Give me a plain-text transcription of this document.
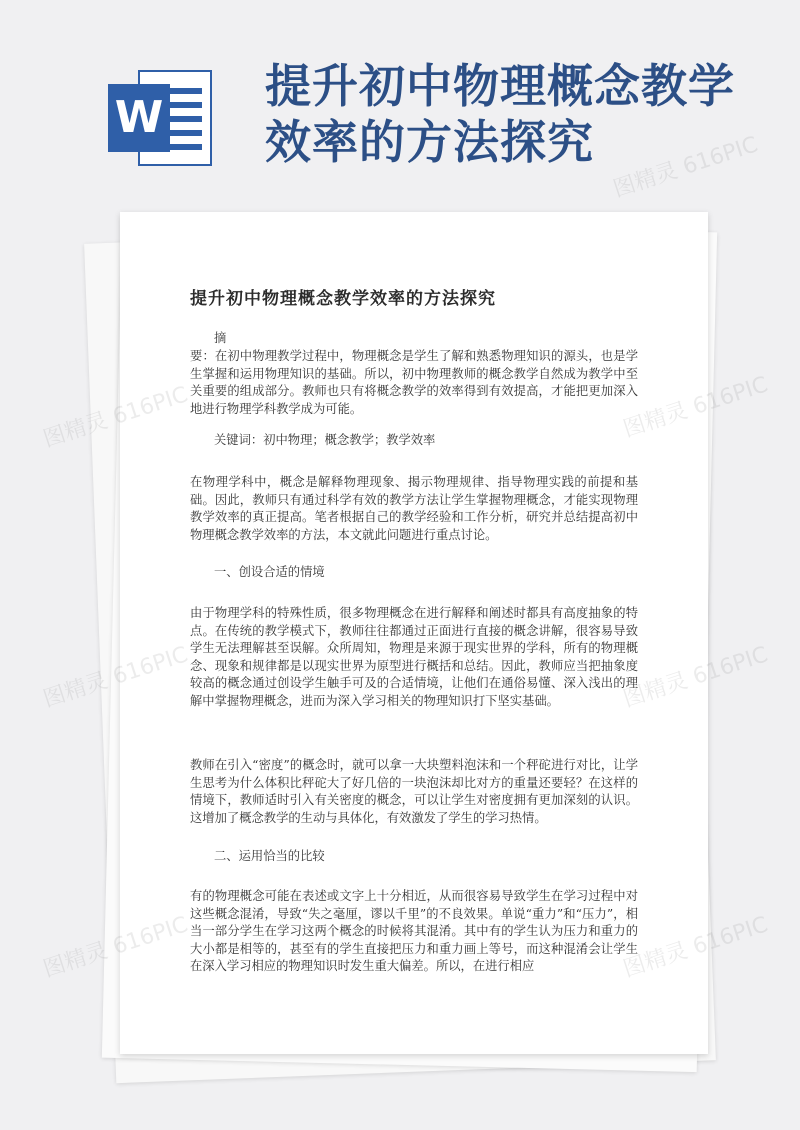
W
提升初中物理概念教学
效率的方法探究
提升初中物理概念教学效率的方法探究

摘

要：在初中物理教学过程中，物理概念是学生了解和熟悉物理知识的源头，也是学生掌握和运用物理知识的基础。所以，初中物理教师的概念教学自然成为教学中至关重要的组成部分。教师也只有将概念教学的效率得到有效提高，才能把更加深入地进行物理学科教学成为可能。

关键词：初中物理；概念教学；教学效率

在物理学科中，概念是解释物理现象、揭示物理规律、指导物理实践的前提和基础。因此，教师只有通过科学有效的教学方法让学生掌握物理概念，才能实现物理教学效率的真正提高。笔者根据自己的教学经验和工作分析，研究并总结提高初中物理概念教学效率的方法，本文就此问题进行重点讨论。

一、创设合适的情境

由于物理学科的特殊性质，很多物理概念在进行解释和阐述时都具有高度抽象的特点。在传统的教学模式下，教师往往都通过正面进行直接的概念讲解，很容易导致学生无法理解甚至误解。众所周知，物理是来源于现实世界的学科，所有的物理概念、现象和规律都是以现实世界为原型进行概括和总结。因此，教师应当把抽象度较高的概念通过创设学生触手可及的合适情境，让他们在通俗易懂、深入浅出的理解中掌握物理概念，进而为深入学习相关的物理知识打下坚实基础。

教师在引入“密度”的概念时，就可以拿一大块塑料泡沫和一个秤砣进行对比，让学生思考为什么体积比秤砣大了好几倍的一块泡沫却比对方的重量还要轻？在这样的情境下，教师适时引入有关密度的概念，可以让学生对密度拥有更加深刻的认识。这增加了概念教学的生动与具体化，有效激发了学生的学习热情。

二、运用恰当的比较

有的物理概念可能在表述或文字上十分相近，从而很容易导致学生在学习过程中对这些概念混淆，导致“失之毫厘，谬以千里”的不良效果。单说“重力”和“压力”，相当一部分学生在学习这两个概念的时候将其混淆。其中有的学生认为压力和重力的大小都是相等的，甚至有的学生直接把压力和重力画上等号，而这种混淆会让学生在深入学习相应的物理知识时发生重大偏差。所以，在进行相应

图精灵 616PIC
图精灵
616PIC
图精灵
616PIC
图精灵
616PIC
